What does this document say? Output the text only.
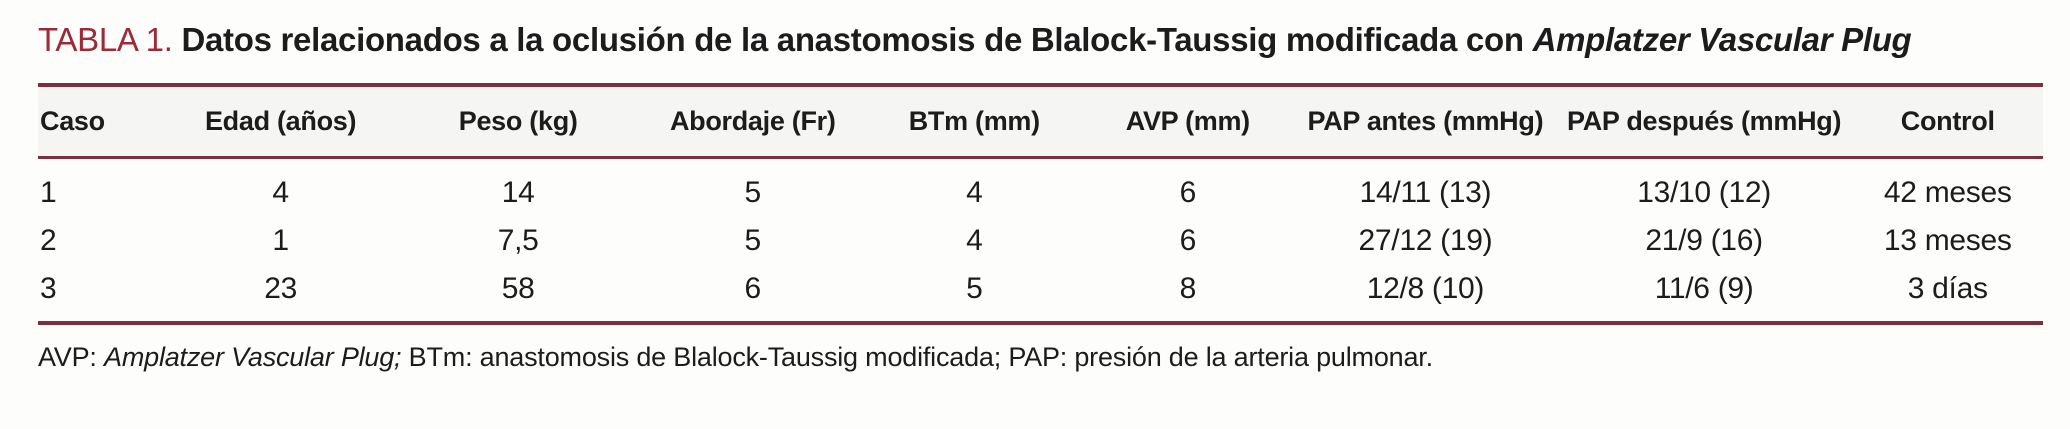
TABLA 1. Datos relacionados a la oclusión de la anastomosis de Blalock-Taussig modificada con Amplatzer Vascular Plug
Caso	Edad (años)	Peso (kg)	Abordaje (Fr)	BTm (mm)	AVP (mm)	PAP antes (mmHg)	PAP después (mmHg)	Control
1	4	14	5	4	6	14/11 (13)	13/10 (12)	42 meses
2	1	7,5	5	4	6	27/12 (19)	21/9 (16)	13 meses
3	23	58	6	5	8	12/8 (10)	11/6 (9)	3 días
AVP: Amplatzer Vascular Plug; BTm: anastomosis de Blalock-Taussig modificada; PAP: presión de la arteria pulmonar.
